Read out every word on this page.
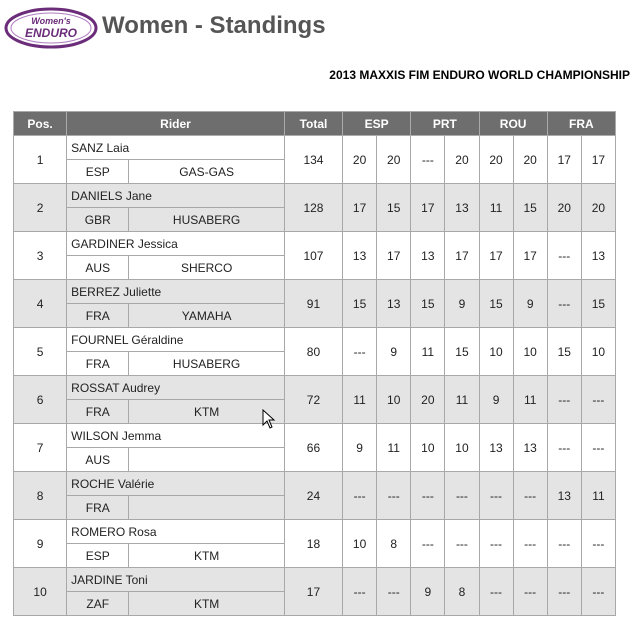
Women's
ENDURO Women - Standings
2013 MAXXIS FIM ENDURO WORLD CHAMPIONSHIP
Pos.	Rider		Total	ESP		PRT		ROU		FRA	
1	SANZ Laia		134	20	20	---	20	20	20	17	17
	ESP	GAS-GAS									
2	DANIELS Jane		128	17	15	17	13	11	15	20	20
	GBR	HUSABERG									
3	GARDINER Jessica		107	13	17	13	17	17	17	---	13
	AUS	SHERCO									
4	BERREZ Juliette		91	15	13	15	9	15	9	---	15
	FRA	YAMAHA									
5	FOURNEL Géraldine		80	---	9	11	15	10	10	15	10
	FRA	HUSABERG									
6	ROSSAT Audrey		72	11	10	20	11	9	11	---	---
	FRA	KTM									
7	WILSON Jemma		66	9	11	10	10	13	13	---	---
	AUS										
8	ROCHE Valérie		24	---	---	---	---	---	---	13	11
	FRA										
9	ROMERO Rosa		18	10	8	---	---	---	---	---	---
	ESP	KTM									
10	JARDINE Toni		17	---	---	9	8	---	---	---	---
	ZAF	KTM									
